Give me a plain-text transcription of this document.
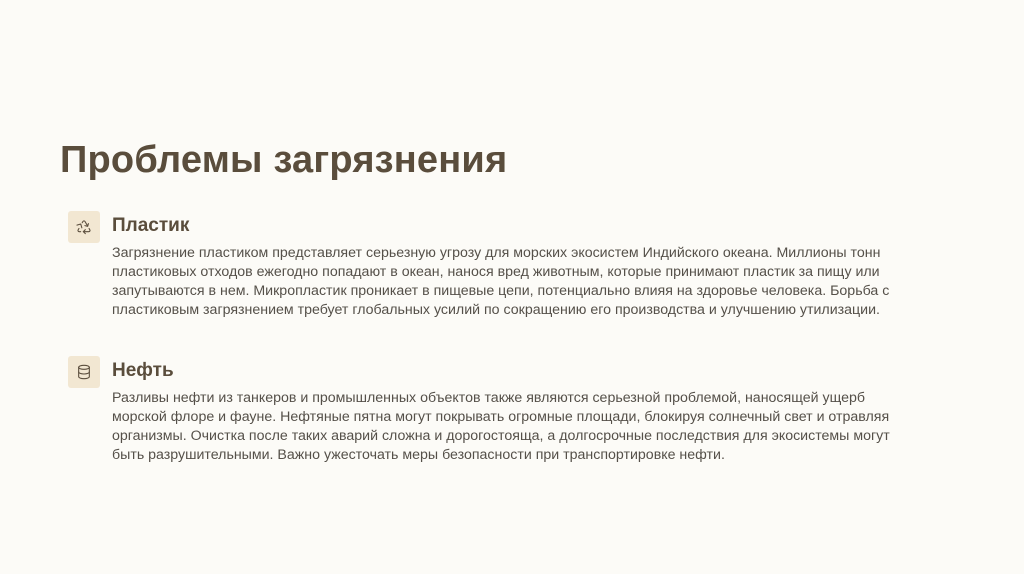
Проблемы загрязнения
Пластик

Загрязнение пластиком представляет серьезную угрозу для морских экосистем Индийского океана. Миллионы тонн пластиковых отходов ежегодно попадают в океан, нанося вред животным, которые принимают пластик за пищу или запутываются в нем. Микропластик проникает в пищевые цепи, потенциально влияя на здоровье человека. Борьба с пластиковым загрязнением требует глобальных усилий по сокращению его производства и улучшению утилизации.

Нефть

Разливы нефти из танкеров и промышленных объектов также являются серьезной проблемой, наносящей ущерб морской флоре и фауне. Нефтяные пятна могут покрывать огромные площади, блокируя солнечный свет и отравляя организмы. Очистка после таких аварий сложна и дорогостояща, а долгосрочные последствия для экосистемы могут быть разрушительными. Важно ужесточать меры безопасности при транспортировке нефти.
